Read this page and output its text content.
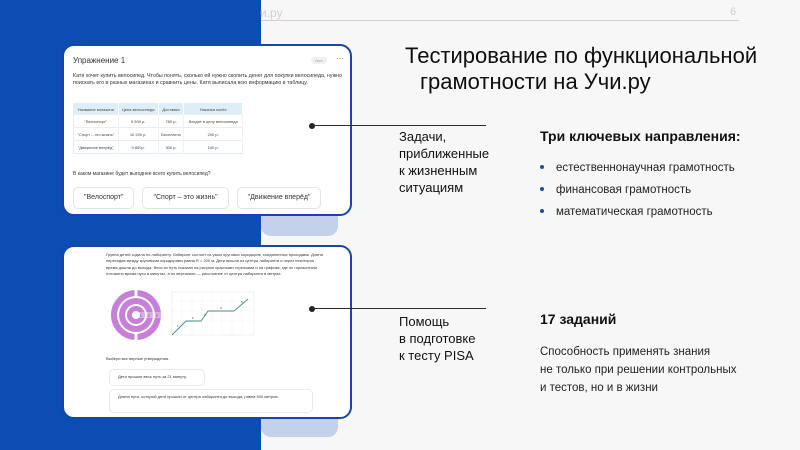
и.ру	6
Упражнение 1	тест	···
Катя хочет купить велосипед. Чтобы понять, сколько ей нужно скопить денег для покупки велосипеда, нужно поискать его в разных магазинах и сравнить цены. Катя выписала всю информацию в таблицу.
Название магазина	Цена велосипеда	Доставка	Накачка колёс
"Велоспорт"	9 500 р.	780 р.	Входит в цену велосипеда
"Спорт – это жизнь"	10 200 р.	Бесплатно	200 р.
"Движение вперёд"	9 800р.	300 р.	100 р.
В каком магазине будет выгоднее всего купить велосипед?
"Велоспорт"	"Спорт – это жизнь"	"Движение вперёд"
Группа детей ходила по лабиринту. Лабиринт состоит из узких круговых коридоров, соединенных проходами. Длина переходов между круговыми коридорами равна R = 200 м. Дети вышли из центра лабиринта и через некоторое время дошли до выхода. Весь их путь показан на рисунке красными стрелками и на графике, где по горизонтали отложено время пути в минутах, а по вертикали — расстояние от центра лабиринта в метрах.
1 2 3
1
2
3
4
5
Выбери все верные утверждения.
Дети прошли весь путь за 21 минуту.
Длина пути, который дети прошли от центра лабиринта до выхода, равна 900 метров.
Тестирование по функциональной
грамотности на Учи.ру
Задачи,
приближенные
к жизненным
ситуациям
Помощь
в подготовке
к тесту PISA
Три ключевых направления:
естественнонаучная грамотность
финансовая грамотность
математическая грамотность
17 заданий
Способность применять знания
не только при решении контрольных
и тестов, но и в жизни
